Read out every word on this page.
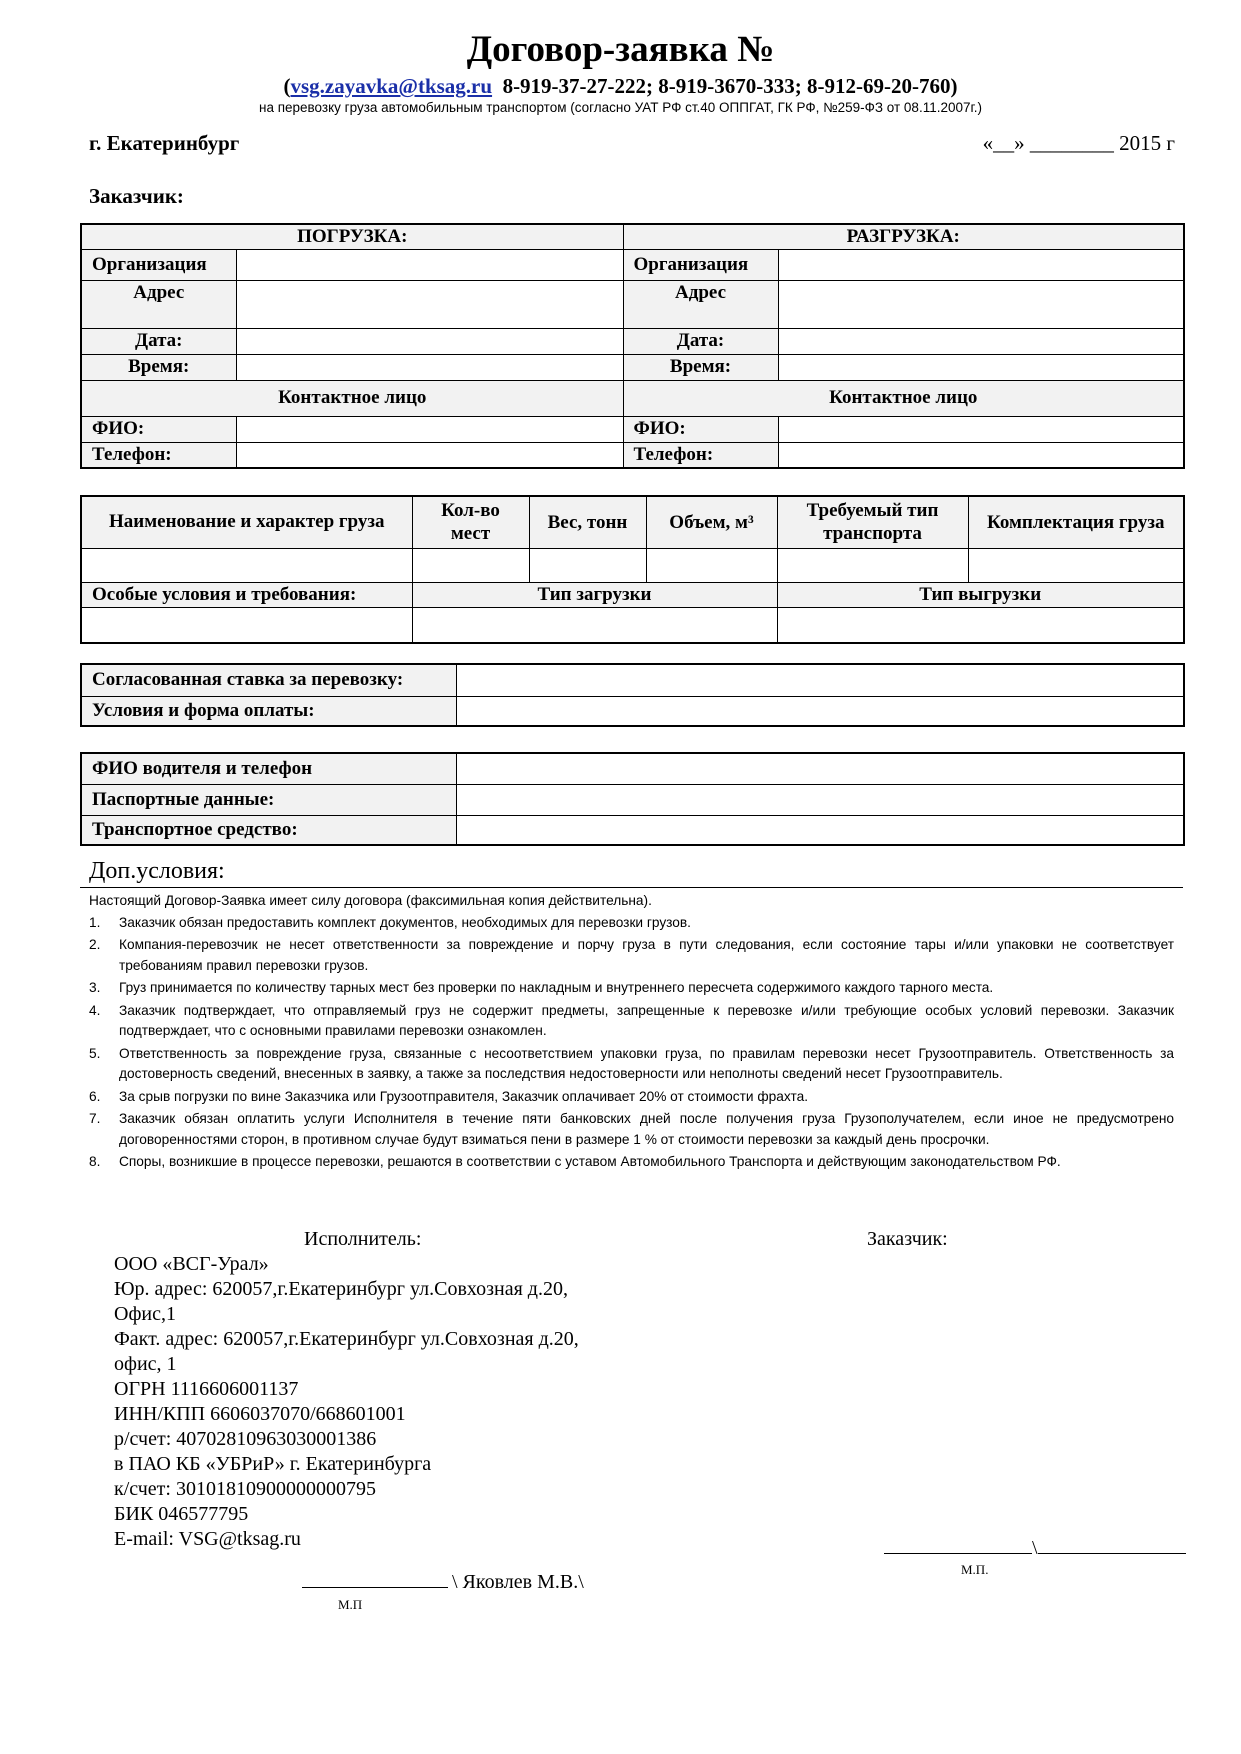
Договор-заявка №
(vsg.zayavka@tksag.ru 8-919-37-27-222; 8-919-3670-333; 8-912-69-20-760)
на перевозку груза автомобильным транспортом (согласно УАТ РФ ст.40 ОППГАТ, ГК РФ, №259-ФЗ от 08.11.2007г.)
г. Екатеринбург	«__» ________ 2015 г
Заказчик:
ПОГРУЗКА:		РАЗГРУЗКА:	
Организация		Организация	
Адрес		Адрес	
Дата:		Дата:	
Время:		Время:	
Контактное лицо		Контактное лицо	
ФИО:		ФИО:	
Телефон:		Телефон:	
Наименование и характер груза	Кол-во мест	Вес, тонн	Объем, м³	Требуемый тип транспорта	Комплектация груза

Особые условия и требования:	Тип загрузки			Тип выгрузки	

Согласованная ставка за перевозку:	
Условия и форма оплаты:	
ФИО водителя и телефон	
Паспортные данные:	
Транспортное средство:	
Доп.условия:
Настоящий Договор-Заявка имеет силу договора (факсимильная копия действительна).
1. Заказчик обязан предоставить комплект документов, необходимых для перевозки грузов.
2. Компания-перевозчик не несет ответственности за повреждение и порчу груза в пути следования, если состояние тары и/или упаковки не соответствует требованиям правил перевозки грузов.
3. Груз принимается по количеству тарных мест без проверки по накладным и внутреннего пересчета содержимого каждого тарного места.
4. Заказчик подтверждает, что отправляемый груз не содержит предметы, запрещенные к перевозке и/или требующие особых условий перевозки. Заказчик подтверждает, что с основными правилами перевозки ознакомлен.
5. Ответственность за повреждение груза, связанные с несоответствием упаковки груза, по правилам перевозки несет Грузоотправитель. Ответственность за достоверность сведений, внесенных в заявку, а также за последствия недостоверности или неполноты сведений несет Грузоотправитель.
6. За срыв погрузки по вине Заказчика или Грузоотправителя, Заказчик оплачивает 20% от стоимости фрахта.
7. Заказчик обязан оплатить услуги Исполнителя в течение пяти банковских дней после получения груза Грузополучателем, если иное не предусмотрено договоренностями сторон, в противном случае будут взиматься пени в размере 1 % от стоимости перевозки за каждый день просрочки.
8. Споры, возникшие в процессе перевозки, решаются в соответствии с уставом Автомобильного Транспорта и действующим законодательством РФ.
Исполнитель:	Заказчик:
ООО «ВСГ-Урал»
Юр. адрес: 620057,г.Екатеринбург ул.Совхозная д.20,
Офис,1
Факт. адрес: 620057,г.Екатеринбург ул.Совхозная д.20,
офис, 1
ОГРН 1116606001137
ИНН/КПП 6606037070/668601001
р/счет: 40702810963030001386
в ПАО КБ «УБРиР» г. Екатеринбурга
к/счет: 30101810900000000795
БИК 046577795
E-mail: VSG@tksag.ru	\
М.П.
\ Яковлев М.В.\
М.П
